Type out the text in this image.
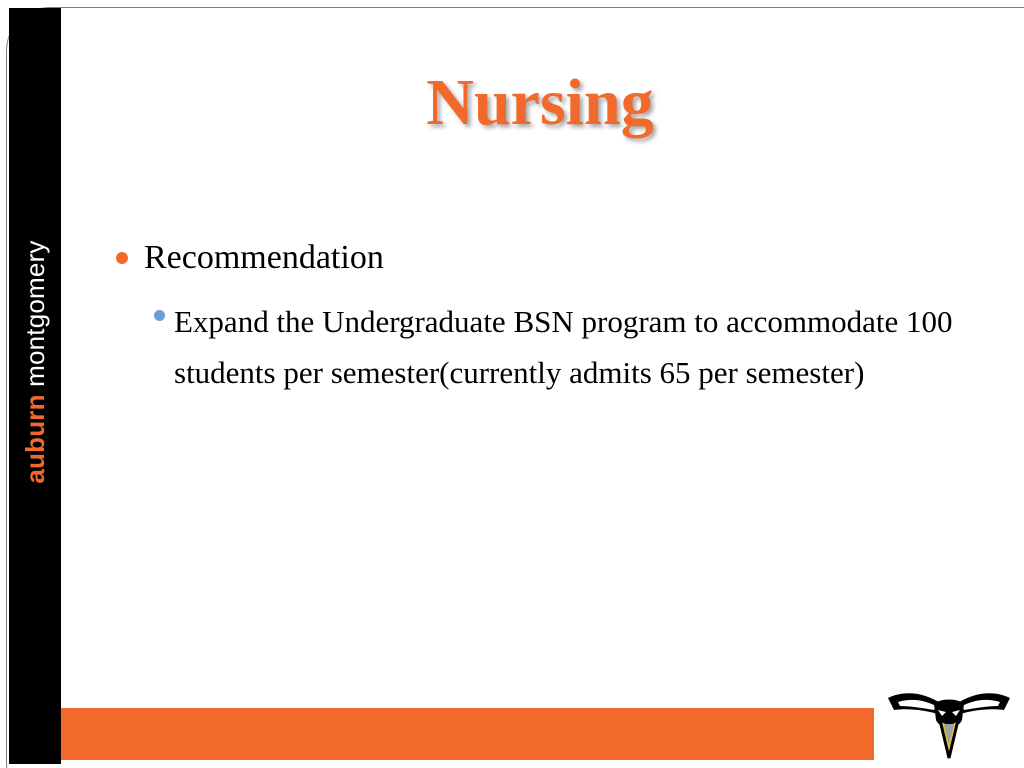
auburn montgomery
Nursing
Recommendation
Expand the Undergraduate BSN program to accommodate 100 students per semester(currently admits 65 per semester)
